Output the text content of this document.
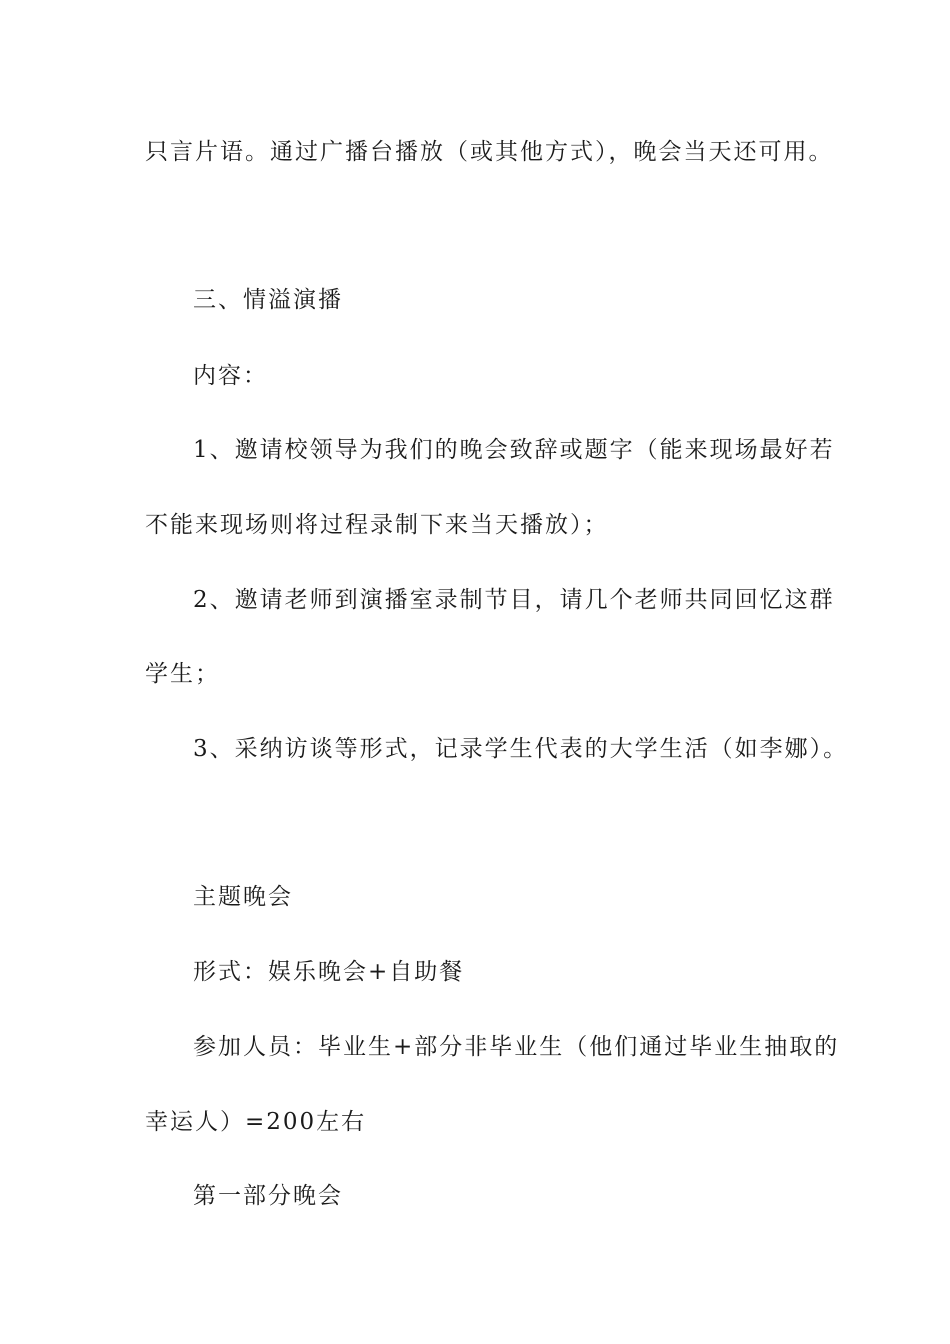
只言片语。通过广播台播放（或其他方式），晚会当天还可用。
三、情溢演播
内容：
1、邀请校领导为我们的晚会致辞或题字（能来现场最好若
不能来现场则将过程录制下来当天播放）；
2、邀请老师到演播室录制节目，请几个老师共同回忆这群
学生；
3、采纳访谈等形式，记录学生代表的大学生活（如李娜）。
主题晚会
形式：娱乐晚会+自助餐
参加人员：毕业生+部分非毕业生（他们通过毕业生抽取的
幸运人）=200左右
第一部分晚会
